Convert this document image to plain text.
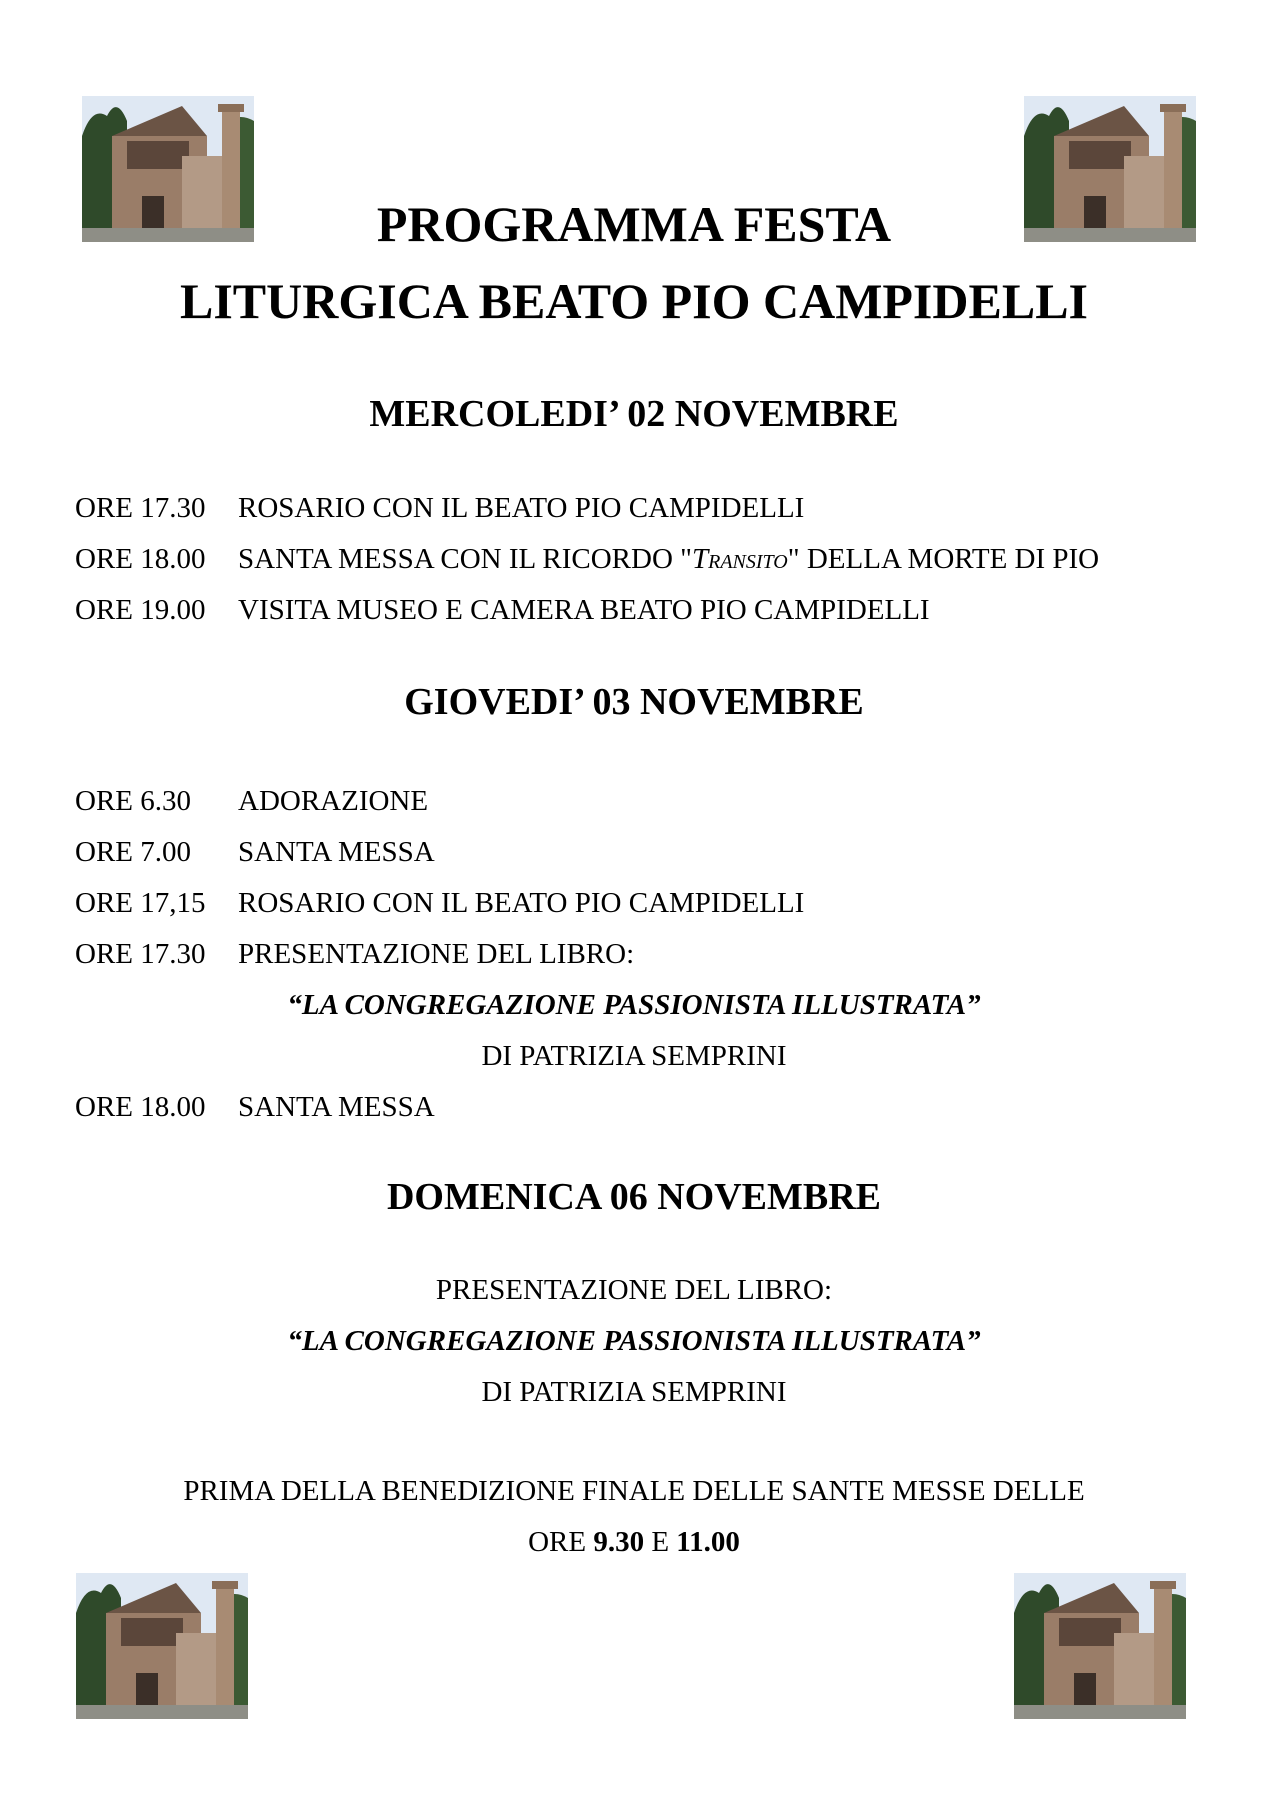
PROGRAMMA FESTA
LITURGICA BEATO PIO CAMPIDELLI
MERCOLEDI’ 02 NOVEMBRE
ORE 17.30 ROSARIO CON IL BEATO PIO CAMPIDELLI
ORE 18.00 SANTA MESSA CON IL RICORDO "Transito" DELLA MORTE DI PIO
ORE 19.00 VISITA MUSEO E CAMERA BEATO PIO CAMPIDELLI
GIOVEDI’ 03 NOVEMBRE
ORE 6.30 ADORAZIONE
ORE 7.00 SANTA MESSA
ORE 17,15 ROSARIO CON IL BEATO PIO CAMPIDELLI
ORE 17.30 PRESENTAZIONE DEL LIBRO:
“LA CONGREGAZIONE PASSIONISTA ILLUSTRATA”
DI PATRIZIA SEMPRINI
ORE 18.00 SANTA MESSA
DOMENICA 06 NOVEMBRE
PRESENTAZIONE DEL LIBRO:
“LA CONGREGAZIONE PASSIONISTA ILLUSTRATA”
DI PATRIZIA SEMPRINI
PRIMA DELLA BENEDIZIONE FINALE DELLE SANTE MESSE DELLE
ORE 9.30 E 11.00
